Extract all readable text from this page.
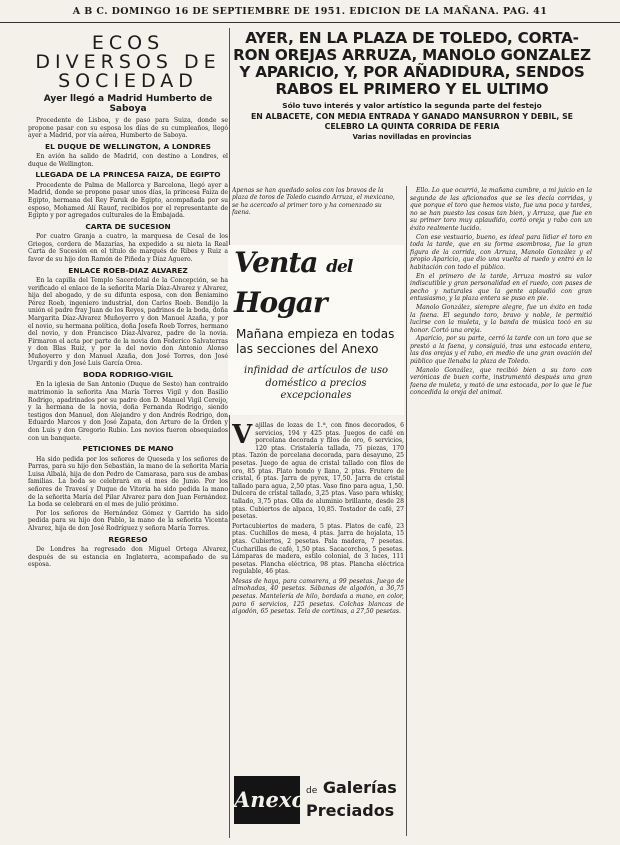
A B C. DOMINGO 16 DE SEPTIEMBRE DE 1951. EDICION DE LA MAÑANA. PAG. 41
ECOS DIVERSOS DE SOCIEDAD
Ayer llegó a Madrid Humberto de Saboya

Procedente de Lisboa, y de paso para Suiza, donde se propone pasar con su esposa los días de su cumpleaños, llegó ayer a Madrid, por vía aérea, Humberto de Saboya.

EL DUQUE DE WELLINGTON, A LONDRES

En avión ha salido de Madrid, con destino a Londres, el duque de Wellington.

LLEGADA DE LA PRINCESA FAIZA, DE EGIPTO

Procedente de Palma de Mallorca y Barcelona, llegó ayer a Madrid, donde se propone pasar unos días, la princesa Faiza de Egipto, hermana del Rey Faruk de Egipto, acompañada por su esposo, Mohamed Alí Rauof, recibidos por el representante de Egipto y por agregados culturales de la Embajada.

CARTA DE SUCESION

Por cuatro Granja a cuatro, la marquesa de Cesal de los Griegos, cordera de Mazarías, ha expedido a su nieta la Real Carta de Sucesión en el título de marqués de Ribes y Ruiz a favor de su hijo don Ramón de Piñeda y Díaz Aguero.

ENLACE ROEB-DIAZ ALVAREZ

En la capilla del Templo Sacerdotal de la Concepción, se ha verificado el enlace de la señorita María Díaz-Alvarez y Alvarez, hija del abogado, y de su difunta esposa, con don Beniamino Pérez Roeb, ingeniero industrial, don Carlos Roeb. Bendijo la unión el padre fray Juan de los Reyes, padrinos de la boda, doña Margarita Díaz-Alvarez Muñoyerro y don Manuel Azaña, y por el novio, su hermana política, doña Josefa Roeb Torres, hermano del novio, y don Francisco Díaz-Alvarez, padre de la novia. Firmaron el acta por parte de la novia don Federico Salvaterras y don Blas Ruiz, y por la del novio don Antonio Alonso Muñoyerro y don Manuel Azaña, don José Torres, don José Urgardi y don José Luis García Orea.

BODA RODRIGO-VIGIL

En la iglesia de San Antonio (Duque de Sesto) han contraído matrimonio la señorita Ana María Torres Vigil y don Basilio Rodrigo, apadrinados por su padre don D. Manuel Vigil Cereijo, y la hermana de la novia, doña Fernanda Rodrigo, siendo testigos don Manuel, don Alejandro y don Andrés Rodrigo, don Eduardo Marcos y don José Zapata, don Arturo de la Orden y don Luis y don Gregorio Rubio. Los novios fueron obsequiados con un banquete.

PETICIONES DE MANO

Ha sido pedida por los señores de Queseda y los señores de Parras, para su hijo don Sebastián, la mano de la señorita María Luisa Albalá, hija de don Pedro de Camarasa, para sus de ambas familias. La boda se celebrará en el mes de Junio. Por los señores de Travesí y Duque de Vitoria ha sido pedida la mano de la señorita María del Pilar Alvarez para don Juan Fernández. La boda se celebrará en el mes de julio próximo.

Por los señores de Hernández Gómez y Garrido ha sido pedida para su hijo don Pablo, la mano de la señorita Vicenta Alvarez, hija de don José Rodríguez y señora María Torres.

REGRESO

De Londres ha regresado don Miguel Ortega Alvarez, después de su estancia en Inglaterra, acompañado de su esposa.

AYER, EN LA PLAZA DE TOLEDO, CORTA-
RON OREJAS ARRUZA, MANOLO GONZALEZ
Y APARICIO, Y, POR AÑADIDURA, SENDOS
RABOS EL PRIMERO Y EL ULTIMO
Sólo tuvo interés y valor artístico la segunda parte del festejo
EN ALBACETE, CON MEDIA ENTRADA Y GANADO MANSURRON Y DEBIL, SE CELEBRO LA QUINTA CORRIDA DE FERIA
Varias novilladas en provincias
Apenas se han quedado solos con los bravos de la plaza de toros de Toledo cuando Arruza, el mexicano, se ha acercado al primer toro y ha comenzado su faena.
Venta del Hogar
Mañana empieza en todas las secciones del Anexo
infinidad de artículos de uso doméstico a precios excepcionales

Vajillas de lozas de 1.ª, con finos decorados, 6 servicios, 194 y 425 ptas. Juegos de café en porcelana decorada y filos de oro, 6 servicios, 120 ptas. Cristalería tallada, 75 piezas, 170 ptas. Tazón de porcelana decorada, para desayuno, 25 pesetas. Juego de agua de cristal tallado con filos de oro, 85 ptas. Plato hondo y llano, 2 ptas. Frutero de cristal, 6 ptas. Jarra de pyrex, 17,50. Jarra de cristal tallado para agua, 2,50 ptas. Vaso fino para agua, 1,50. Dulcera de cristal tallado, 3,25 ptas. Vaso para whisky, tallado, 3,75 ptas. Olla de aluminio brillante, desde 28 ptas. Cubiertos de alpaca, 10,85. Tostador de café, 27 pesetas.

Portacubiertos de madera, 5 ptas. Platos de café, 23 ptas. Cuchillos de mesa, 4 ptas. Jarra de hojalata, 15 ptas. Cubiertos, 2 pesetas. Pala madera, 7 pesetas. Cucharillas de café, 1,50 ptas. Sacacorchos, 5 pesetas. Lámparas de madera, estilo colonial, de 3 luces, 111 pesetas. Plancha eléctrica, 98 ptas. Plancha eléctrica regulable, 46 ptas.

Mesas de haya, para camarera, a 99 pesetas. Juego de almohadas, 40 pesetas. Sábanas de algodón, a 36,75 pesetas. Mantelería de hilo, bordada a mano, en color, para 6 servicios, 125 pesetas. Colchas blancas de algodón, 65 pesetas. Tela de cortinas, a 27,50 pesetas.

Anexo de Galerías
Preciados

Ello. Lo que ocurrió, la mañana cumbre, a mi juicio en la segunda de las aficionados que se les decía corridas, y que porque el toro que hemos visto, fue una poca y tardes, no se han puesto las cosas tan bien, y Arruza, que fue en su primer toro muy aplaudido, cortó oreja y rabo con un éxito realmente lucido.

Con ese vestuario, bueno, es ideal para lidiar el toro en toda la tarde, que en su forma asombrosa, fue la gran figura de la corrida, con Arruza, Manolo González y el propio Aparicio, que dio una vuelta al ruedo y entró en la habitación con todo el público.

En el primero de la tarde, Arruza mostró su valor indiscutible y gran personalidad en el ruedo, con pases de pecho y naturales que la gente aplaudió con gran entusiasmo, y la plaza entera se puso en pie.

Manolo González, siempre alegre, fue un éxito en toda la faena. El segundo toro, bravo y noble, le permitió lucirse con la muleta, y la banda de música tocó en su honor. Cortó una oreja.

Aparicio, por su parte, cerró la tarde con un toro que se prestó a la faena, y consiguió, tras una estocada entera, las dos orejas y el rabo, en medio de una gran ovación del público que llenaba la plaza de Toledo.

Manolo González, que recibió bien a su toro con verónicas de buen corte, instrumentó después una gran faena de muleta, y mató de una estocada, por lo que le fue concedida la oreja del animal.
